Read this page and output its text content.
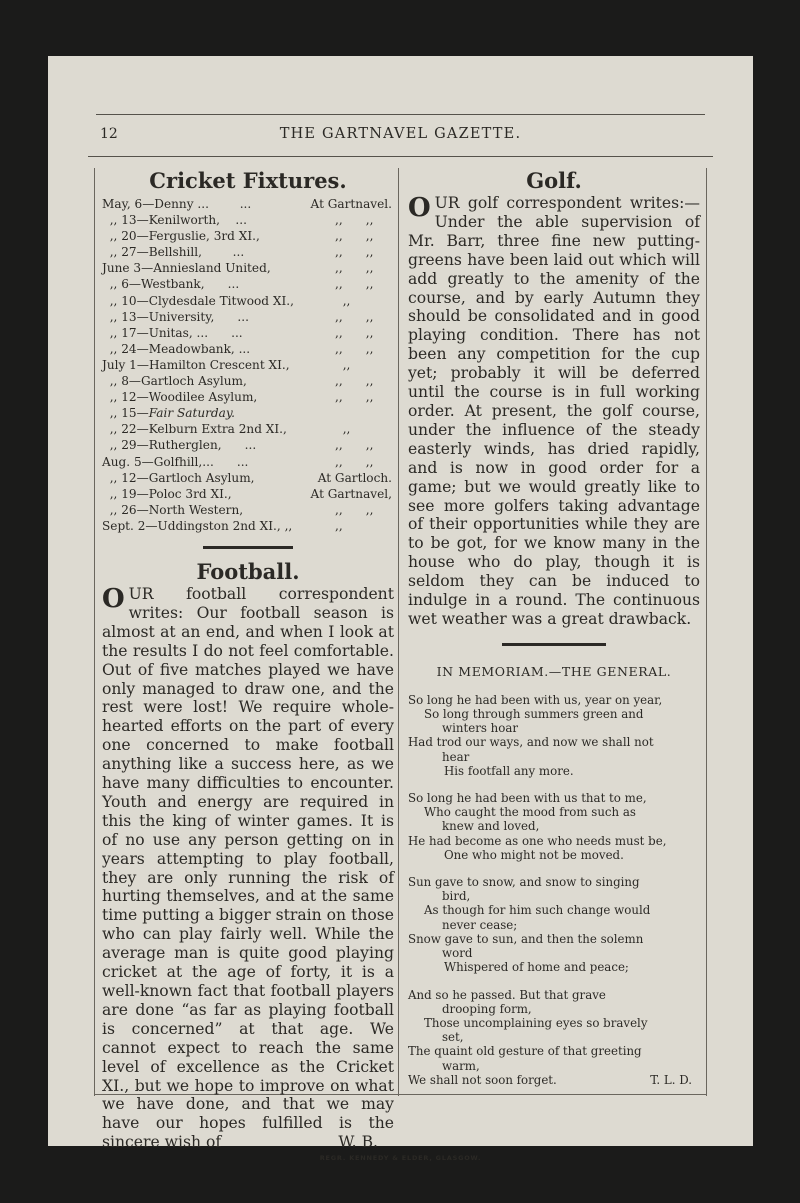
12	THE GARTNAVEL GAZETTE.
Cricket Fixtures.
May, 6—Denny ...        ...	At Gartnavel.
,, 13—Kenilworth,    ...	,,      ,,
,, 20—Ferguslie, 3rd XI.,	,,      ,,
,, 27—Bellshill,        ...	,,      ,,
June 3—Anniesland United,	,,      ,,
,, 6—Westbank,      ...	,,      ,,
,, 10—Clydesdale Titwood XI.,	,,
,, 13—University,      ...	,,      ,,
,, 17—Unitas, ...      ...	,,      ,,
,, 24—Meadowbank, ...	,,      ,,
July 1—Hamilton Crescent XI.,	,,
,, 8—Gartloch Asylum,	,,      ,,
,, 12—Woodilee Asylum,	,,      ,,
,, 15—Fair Saturday.
,, 22—Kelburn Extra 2nd XI.,	,,
,, 29—Rutherglen,      ...	,,      ,,
Aug. 5—Golfhill,...      ...	,,      ,,
,, 12—Gartloch Asylum,	At Gartloch.
,, 19—Poloc 3rd XI.,	At Gartnavel,
,, 26—North Western,	,,      ,,
Sept. 2—Uddingston 2nd XI., ,,	,,
Football.

OUR football correspondent writes: Our football season is almost at an end, and when I look at the results I do not feel comfortable. Out of five matches played we have only managed to draw one, and the rest were lost! We require whole-hearted efforts on the part of every one concerned to make football anything like a success here, as we have many difficulties to encounter. Youth and energy are required in this the king of winter games. It is of no use any person getting on in years attempting to play football, they are only running the risk of hurting themselves, and at the same time putting a bigger strain on those who can play fairly well. While the average man is quite good playing cricket at the age of forty, it is a well-known fact that football players are done “as far as playing football is concerned” at that age. We cannot expect to reach the same level of excellence as the Cricket XI., but we hope to improve on what we have done, and that we may have our hopes fulfilled is the sincere wish of	W. B.

Golf.

OUR golf correspondent writes:—Under the able supervision of Mr. Barr, three fine new putting-greens have been laid out which will add greatly to the amenity of the course, and by early Autumn they should be consolidated and in good playing condition. There has not been any competition for the cup yet; probably it will be deferred until the course is in full working order. At present, the golf course, under the influence of the steady easterly winds, has dried rapidly, and is now in good order for a game; but we would greatly like to see more golfers taking advantage of their opportunities while they are to be got, for we know many in the house who do play, though it is seldom they can be induced to indulge in a round. The continuous wet weather was a great drawback.

IN MEMORIAM.—THE GENERAL.

So long he had been with us, year on year,
So long through summers green and
winters hoar
Had trod our ways, and now we shall not
hear
His footfall any more.
So long he had been with us that to me,
Who caught the mood from such as
knew and loved,
He had become as one who needs must be,
One who might not be moved.
Sun gave to snow, and snow to singing
bird,
As though for him such change would
never cease;
Snow gave to sun, and then the solemn
word
Whispered of home and peace;
And so he passed. But that grave
drooping form,
Those uncomplaining eyes so bravely
set,
The quaint old gesture of that greeting
warm,
We shall not soon forget.	T. L. D.
REGR. KENNEDY & ELDER, GLASGOW.
